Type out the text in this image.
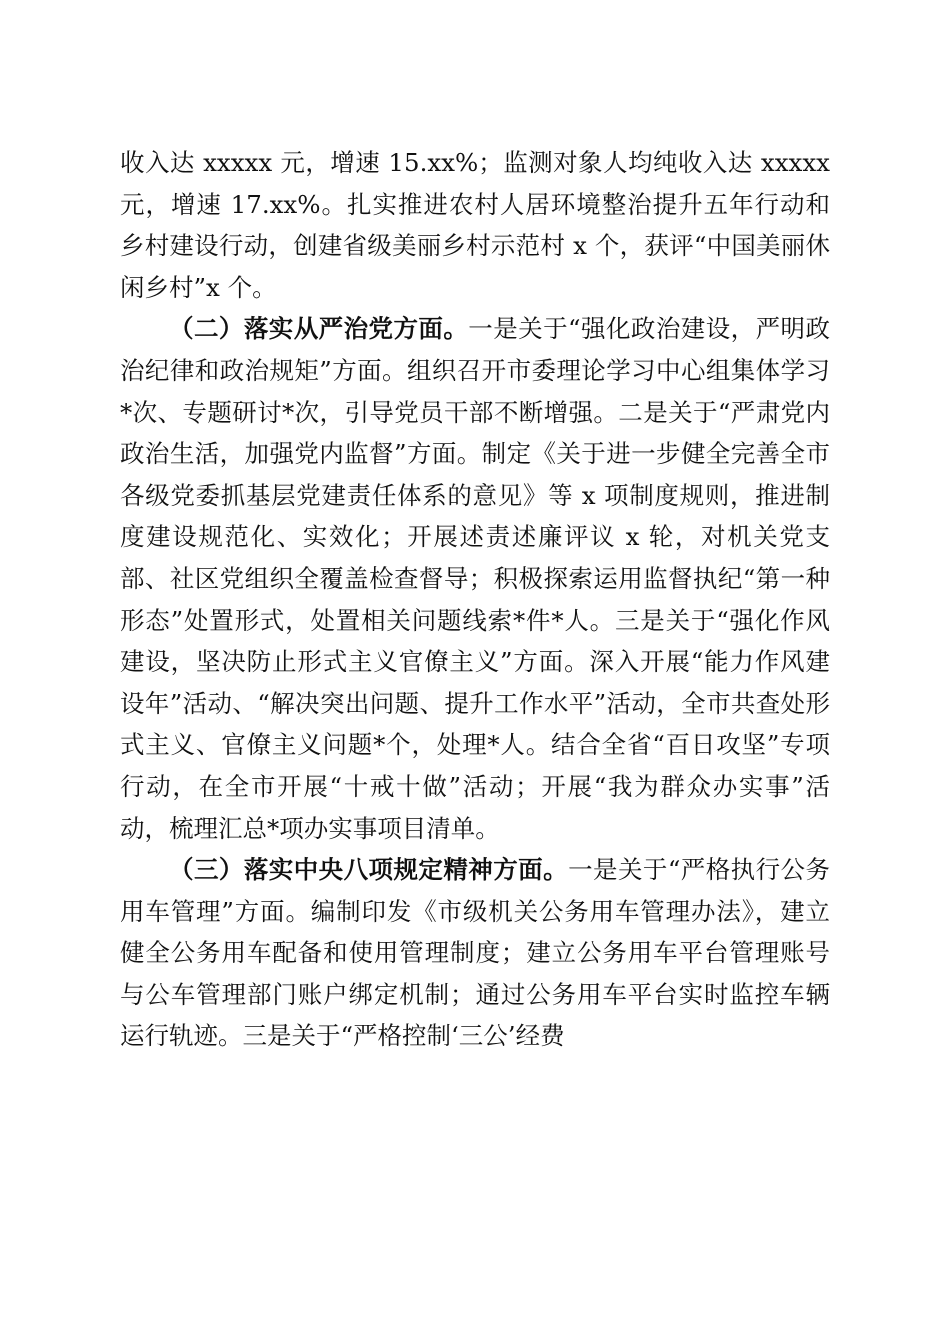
收入达 xxxxx 元，增速 15.xx%；监测对象人均纯收入达 xxxxx 元，增速 17.xx%。扎实推进农村人居环境整治提升五年行动和乡村建设行动，创建省级美丽乡村示范村 x 个，获评“中国美丽休闲乡村”x 个。

（二）落实从严治党方面。一是关于“强化政治建设，严明政治纪律和政治规矩”方面。组织召开市委理论学习中心组集体学习*次、专题研讨*次，引导党员干部不断增强。二是关于“严肃党内政治生活，加强党内监督”方面。制定《关于进一步健全完善全市各级党委抓基层党建责任体系的意见》等 x 项制度规则，推进制度建设规范化、实效化；开展述责述廉评议 x 轮，对机关党支部、社区党组织全覆盖检查督导；积极探索运用监督执纪“第一种形态”处置形式，处置相关问题线索*件*人。三是关于“强化作风建设，坚决防止形式主义官僚主义”方面。深入开展“能力作风建设年”活动、“解决突出问题、提升工作水平”活动，全市共查处形式主义、官僚主义问题*个，处理*人。结合全省“百日攻坚”专项行动，在全市开展“十戒十做”活动；开展“我为群众办实事”活动，梳理汇总*项办实事项目清单。

（三）落实中央八项规定精神方面。一是关于“严格执行公务用车管理”方面。编制印发《市级机关公务用车管理办法》，建立健全公务用车配备和使用管理制度；建立公务用车平台管理账号与公车管理部门账户绑定机制；通过公务用车平台实时监控车辆运行轨迹。三是关于“严格控制‘三公’经费
